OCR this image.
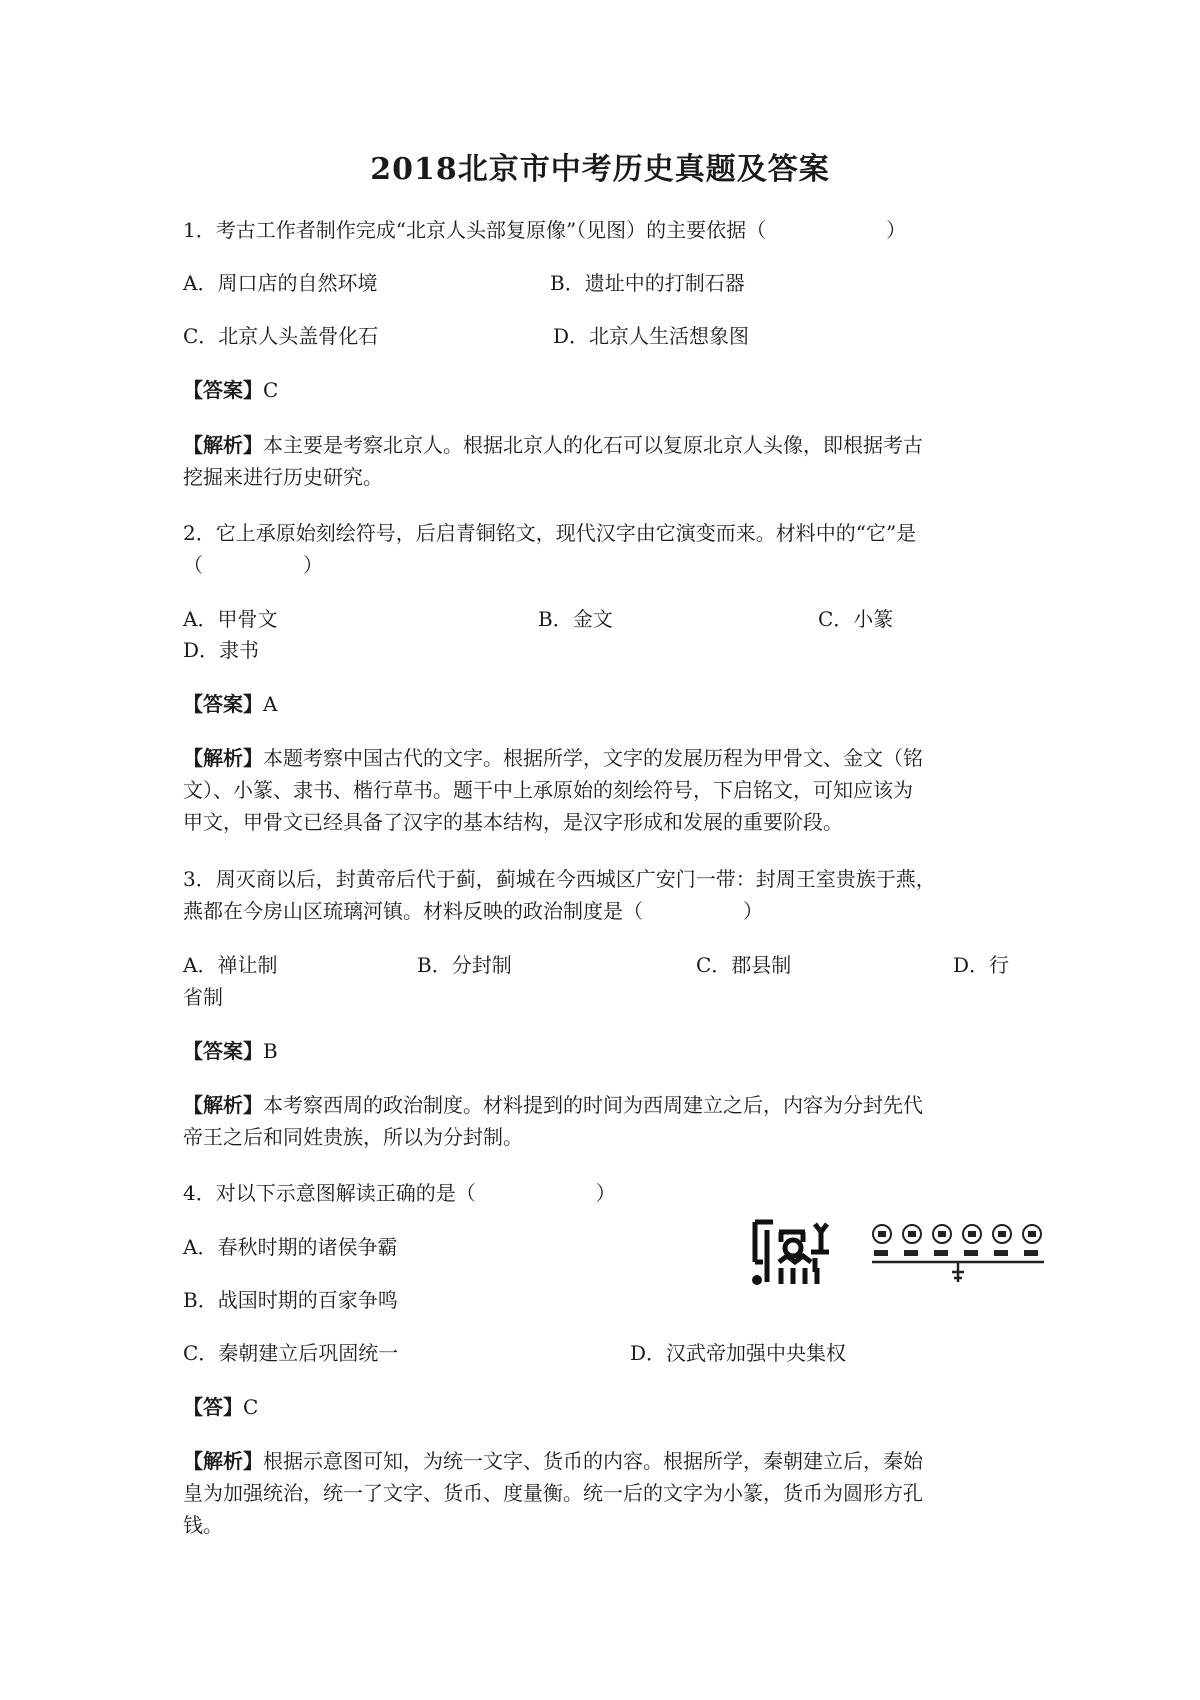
2018北京市中考历史真题及答案
1．考古工作者制作完成“北京人头部复原像”（见图）的主要依据（　　　　　　）
A．周口店的自然环境	B．遗址中的打制石器
C．北京人头盖骨化石	D．北京人生活想象图
【答案】C
【解析】本主要是考察北京人。根据北京人的化石可以复原北京人头像，即根据考古
挖掘来进行历史研究。
2．它上承原始刻绘符号，后启青铜铭文，现代汉字由它演变而来。材料中的“它”是
（　　　　　）
A．甲骨文	B．金文	C．小篆
D．隶书
【答案】A
【解析】本题考察中国古代的文字。根据所学，文字的发展历程为甲骨文、金文（铭
文）、小篆、隶书、楷行草书。题干中上承原始的刻绘符号，下启铭文，可知应该为
甲文，甲骨文已经具备了汉字的基本结构，是汉字形成和发展的重要阶段。
3．周灭商以后，封黄帝后代于蓟，蓟城在今西城区广安门一带：封周王室贵族于燕，
燕都在今房山区琉璃河镇。材料反映的政治制度是（　　　　　）
A．禅让制	B．分封制	C．郡县制	D．行
省制
【答案】B
【解析】本考察西周的政治制度。材料提到的时间为西周建立之后，内容为分封先代
帝王之后和同姓贵族，所以为分封制。
4．对以下示意图解读正确的是（　　　　　　）
A．春秋时期的诸侯争霸
B．战国时期的百家争鸣
C．秦朝建立后巩固统一	D．汉武帝加强中央集权
【答】C
【解析】根据示意图可知，为统一文字、货币的内容。根据所学，秦朝建立后，秦始
皇为加强统治，统一了文字、货币、度量衡。统一后的文字为小篆，货币为圆形方孔
钱。
